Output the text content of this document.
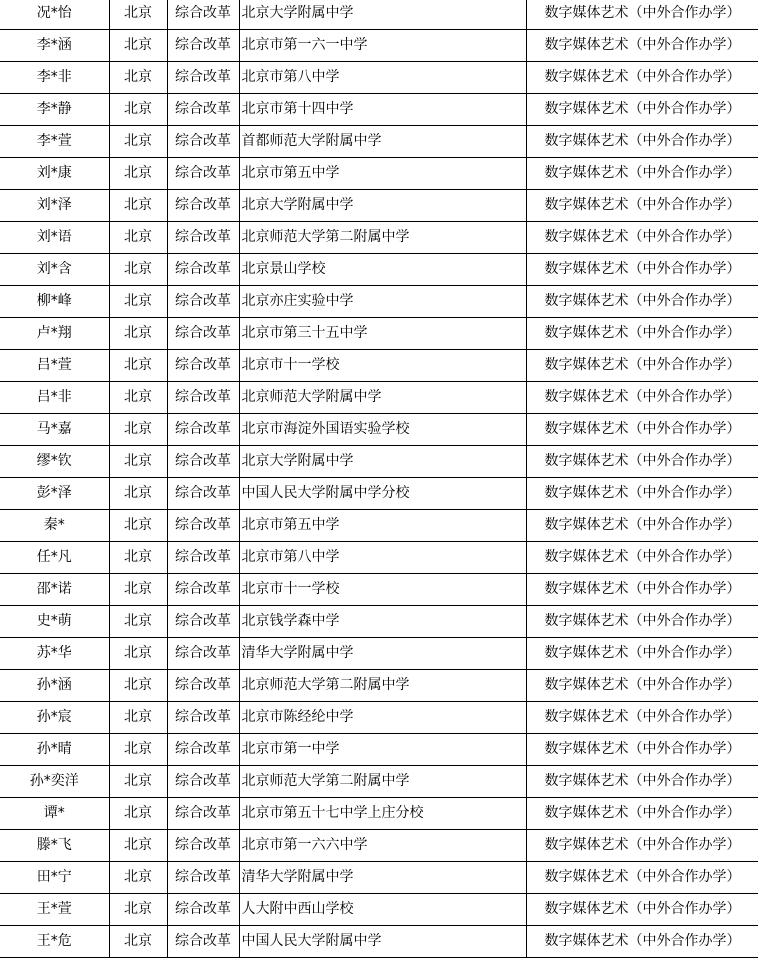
况*怡	北京	综合改革	北京大学附属中学	数字媒体艺术（中外合作办学）
李*涵	北京	综合改革	北京市第一六一中学	数字媒体艺术（中外合作办学）
李*非	北京	综合改革	北京市第八中学	数字媒体艺术（中外合作办学）
李*静	北京	综合改革	北京市第十四中学	数字媒体艺术（中外合作办学）
李*萱	北京	综合改革	首都师范大学附属中学	数字媒体艺术（中外合作办学）
刘*康	北京	综合改革	北京市第五中学	数字媒体艺术（中外合作办学）
刘*泽	北京	综合改革	北京大学附属中学	数字媒体艺术（中外合作办学）
刘*语	北京	综合改革	北京师范大学第二附属中学	数字媒体艺术（中外合作办学）
刘*含	北京	综合改革	北京景山学校	数字媒体艺术（中外合作办学）
柳*峰	北京	综合改革	北京亦庄实验中学	数字媒体艺术（中外合作办学）
卢*翔	北京	综合改革	北京市第三十五中学	数字媒体艺术（中外合作办学）
吕*萱	北京	综合改革	北京市十一学校	数字媒体艺术（中外合作办学）
吕*非	北京	综合改革	北京师范大学附属中学	数字媒体艺术（中外合作办学）
马*嘉	北京	综合改革	北京市海淀外国语实验学校	数字媒体艺术（中外合作办学）
缪*钦	北京	综合改革	北京大学附属中学	数字媒体艺术（中外合作办学）
彭*泽	北京	综合改革	中国人民大学附属中学分校	数字媒体艺术（中外合作办学）
秦*	北京	综合改革	北京市第五中学	数字媒体艺术（中外合作办学）
任*凡	北京	综合改革	北京市第八中学	数字媒体艺术（中外合作办学）
邵*诺	北京	综合改革	北京市十一学校	数字媒体艺术（中外合作办学）
史*萌	北京	综合改革	北京钱学森中学	数字媒体艺术（中外合作办学）
苏*华	北京	综合改革	清华大学附属中学	数字媒体艺术（中外合作办学）
孙*涵	北京	综合改革	北京师范大学第二附属中学	数字媒体艺术（中外合作办学）
孙*宸	北京	综合改革	北京市陈经纶中学	数字媒体艺术（中外合作办学）
孙*晴	北京	综合改革	北京市第一中学	数字媒体艺术（中外合作办学）
孙*奕洋	北京	综合改革	北京师范大学第二附属中学	数字媒体艺术（中外合作办学）
谭*	北京	综合改革	北京市第五十七中学上庄分校	数字媒体艺术（中外合作办学）
滕*飞	北京	综合改革	北京市第一六六中学	数字媒体艺术（中外合作办学）
田*宁	北京	综合改革	清华大学附属中学	数字媒体艺术（中外合作办学）
王*萱	北京	综合改革	人大附中西山学校	数字媒体艺术（中外合作办学）
王*危	北京	综合改革	中国人民大学附属中学	数字媒体艺术（中外合作办学）
